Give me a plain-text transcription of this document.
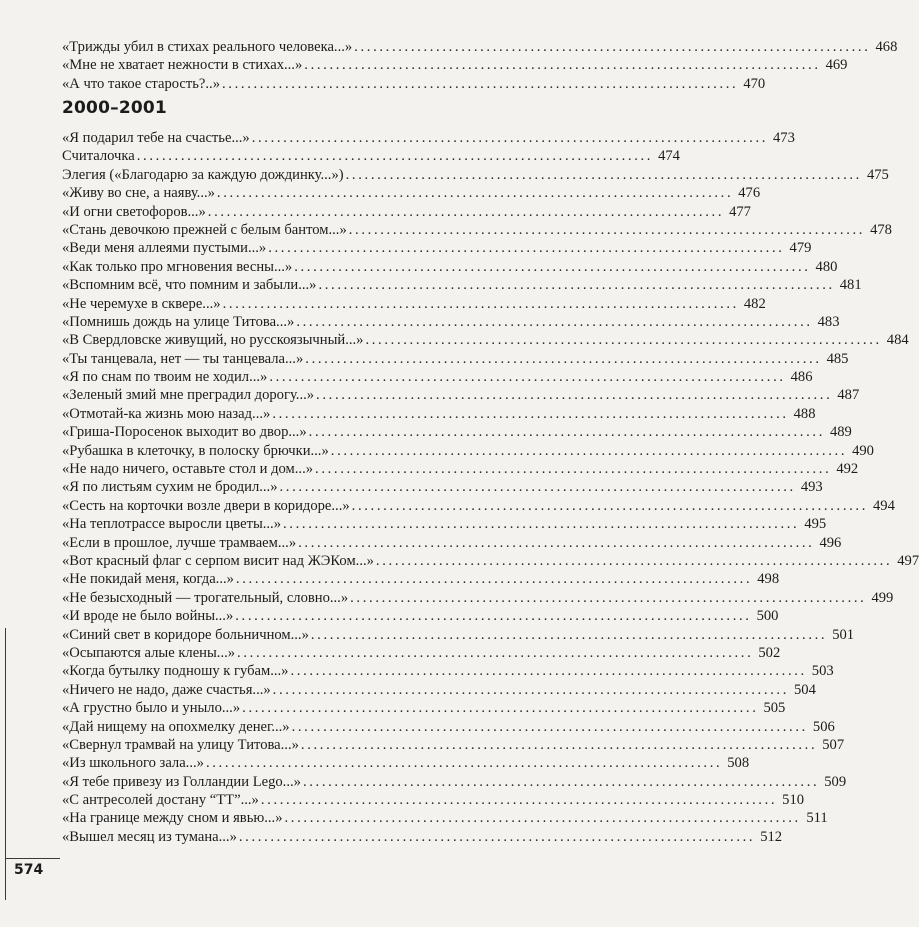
«Трижды убил в стихах реального человека...» . . .	468
«Мне не хватает нежности в стихах...» . . .	469
«А что такое старость?..» . . .	470
2000–2001
«Я подарил тебе на счастье...» . . .	473
Считалочка . . .	474
Элегия («Благодарю за каждую дождинку...») . . .	475
«Живу во сне, а наяву...» . . .	476
«И огни светофоров...» . . .	477
«Стань девочкою прежней с белым бантом...» . . .	478
«Веди меня аллеями пустыми...» . . .	479
«Как только про мгновения весны...» . . .	480
«Вспомним всё, что помним и забыли...» . . .	481
«Не черемухе в сквере...» . . .	482
«Помнишь дождь на улице Титова...» . . .	483
«В Свердловске живущий, но русскоязычный...» . . .	484
«Ты танцевала, нет — ты танцевала...» . . .	485
«Я по снам по твоим не ходил...» . . .	486
«Зеленый змий мне преградил дорогу...» . . .	487
«Отмотай-ка жизнь мою назад...» . . .	488
«Гриша-Поросенок выходит во двор...» . . .	489
«Рубашка в клеточку, в полоску брючки...» . . .	490
«Не надо ничего, оставьте стол и дом...» . . .	492
«Я по листьям сухим не бродил...» . . .	493
«Сесть на корточки возле двери в коридоре...» . . .	494
«На теплотрассе выросли цветы...» . . .	495
«Если в прошлое, лучше трамваем...» . . .	496
«Вот красный флаг с серпом висит над ЖЭКом...» . . .	497
«Не покидай меня, когда...» . . .	498
«Не безысходный — трогательный, словно...» . . .	499
«И вроде не было войны...» . . .	500
«Синий свет в коридоре больничном...» . . .	501
«Осыпаются алые клены...» . . .	502
«Когда бутылку подношу к губам...» . . .	503
«Ничего не надо, даже счастья...» . . .	504
«А грустно было и уныло...» . . .	505
«Дай нищему на опохмелку денег...» . . .	506
«Свернул трамвай на улицу Титова...» . . .	507
«Из школьного зала...» . . .	508
«Я тебе привезу из Голландии Lego...» . . .	509
«С антресолей достану “ТТ”...» . . .	510
«На границе между сном и явью...» . . .	511
«Вышел месяц из тумана...» . . .	512
574
